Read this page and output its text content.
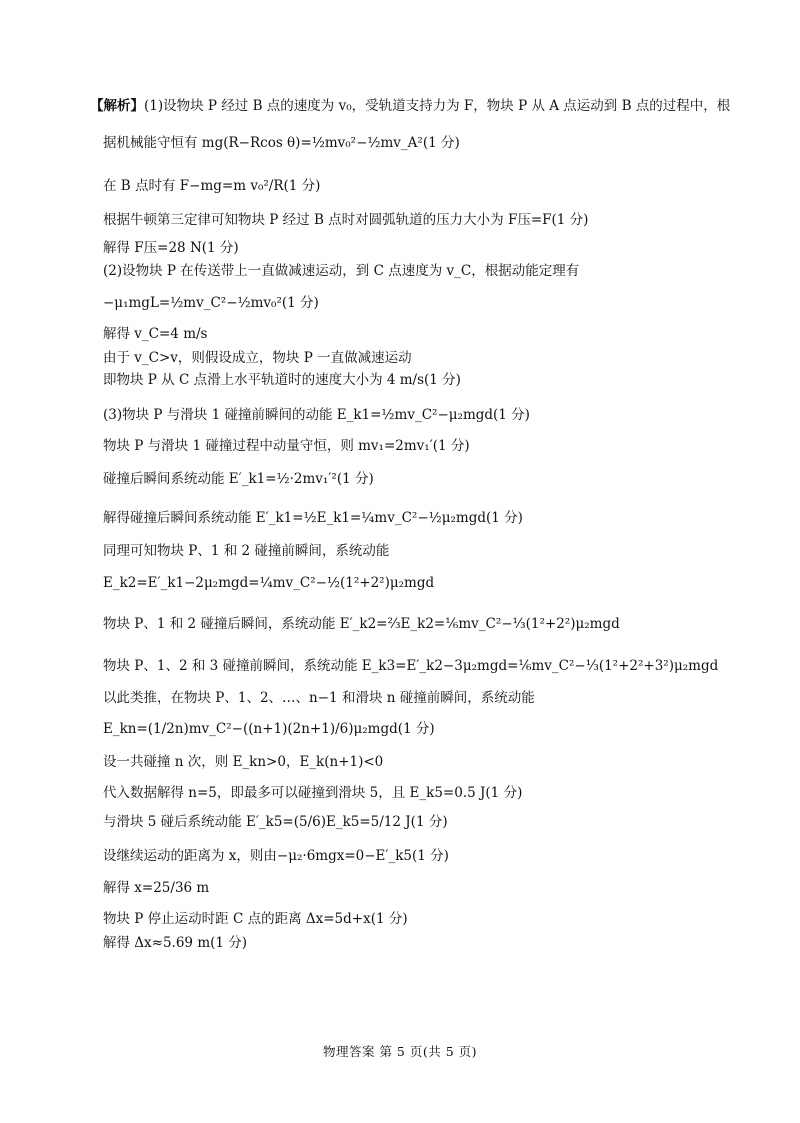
【解析】(1)设物块 P 经过 B 点的速度为 v₀，受轨道支持力为 F，物块 P 从 A 点运动到 B 点的过程中，根
据机械能守恒有 mg(R−Rcos θ)=½mv₀²−½mv_A²(1 分)
在 B 点时有 F−mg=m v₀²/R(1 分)
根据牛顿第三定律可知物块 P 经过 B 点时对圆弧轨道的压力大小为 F压=F(1 分)
解得 F压=28 N(1 分)
(2)设物块 P 在传送带上一直做减速运动，到 C 点速度为 v_C，根据动能定理有
−μ₁mgL=½mv_C²−½mv₀²(1 分)
解得 v_C=4 m/s
由于 v_C>v，则假设成立，物块 P 一直做减速运动
即物块 P 从 C 点滑上水平轨道时的速度大小为 4 m/s(1 分)
(3)物块 P 与滑块 1 碰撞前瞬间的动能 E_k1=½mv_C²−μ₂mgd(1 分)
物块 P 与滑块 1 碰撞过程中动量守恒，则 mv₁=2mv₁′(1 分)
碰撞后瞬间系统动能 E′_k1=½·2mv₁′²(1 分)
解得碰撞后瞬间系统动能 E′_k1=½E_k1=¼mv_C²−½μ₂mgd(1 分)
同理可知物块 P、1 和 2 碰撞前瞬间，系统动能
E_k2=E′_k1−2μ₂mgd=¼mv_C²−½(1²+2²)μ₂mgd
物块 P、1 和 2 碰撞后瞬间，系统动能 E′_k2=⅔E_k2=⅙mv_C²−⅓(1²+2²)μ₂mgd
物块 P、1、2 和 3 碰撞前瞬间，系统动能 E_k3=E′_k2−3μ₂mgd=⅙mv_C²−⅓(1²+2²+3²)μ₂mgd
以此类推，在物块 P、1、2、…、n−1 和滑块 n 碰撞前瞬间，系统动能
E_kn=(1/2n)mv_C²−((n+1)(2n+1)/6)μ₂mgd(1 分)
设一共碰撞 n 次，则 E_kn>0，E_k(n+1)<0
代入数据解得 n=5，即最多可以碰撞到滑块 5，且 E_k5=0.5 J(1 分)
与滑块 5 碰后系统动能 E′_k5=(5/6)E_k5=5/12 J(1 分)
设继续运动的距离为 x，则由−μ₂·6mgx=0−E′_k5(1 分)
解得 x=25/36 m
物块 P 停止运动时距 C 点的距离 Δx=5d+x(1 分)
解得 Δx≈5.69 m(1 分)
物理答案 第 5 页(共 5 页)
